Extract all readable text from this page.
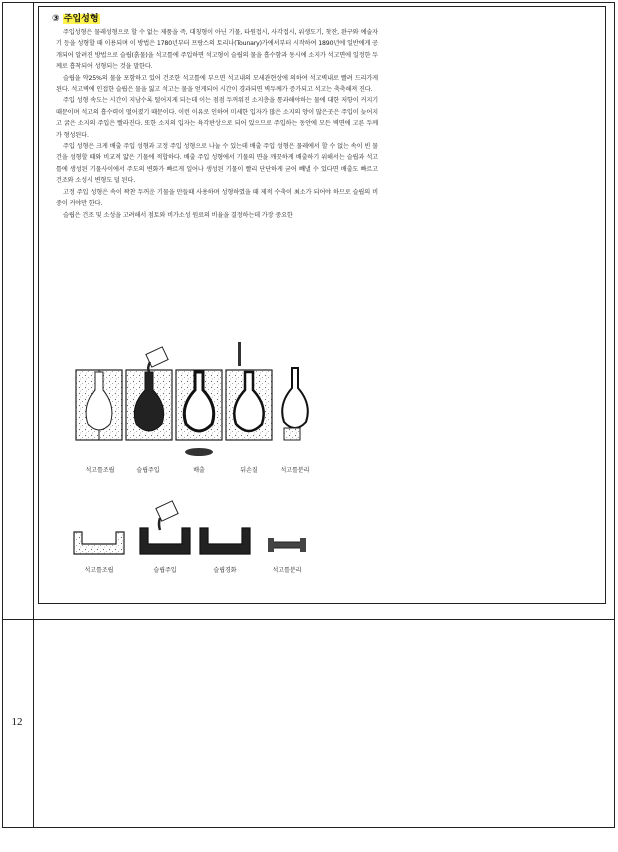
12
③ 주입성형

주입성형은 물레성형으로 할 수 없는 제품을 즉, 대칭형이 아닌 기물, 타원접시, 사각접시, 위생도기, 찻잔, 완구와 예술자기 등을 성형할 때 이용되며 이 방법은 1780년부터 프랑스의 토리나(Tounary)가에서부터 시작하여 1890년에 일반에게 공개되어 알려진 방법으로 슬립(흙물)을 석고틀에 주입하면 석고형이 슬립의 물을 흡수함과 동시에 소지가 석고면에 일정한 두께로 흡착되어 성형되는 것을 말한다.

슬립을 약25%의 물을 포함하고 있어 건조한 석고틀에 부으면 석고내의 모세관현상에 의하여 석고벽내로 빨려 드리가게 된다. 석고벽에 인접한 슬립은 물을 잃고 석고는 물을 얻게되어 시간이 경과되면 벽두께가 증가되고 석고는 축축해져 진다.

주입 성형 속도는 시간이 지남수록 떨어지게 되는데 이는 점점 두꺼워진 소지층을 통과해야하는 물에 대한 저항이 커지기 때문이며 석고의 흡수력이 떨어졌기 때문이다. 이런 이유로 인하여 미세한 입자가 많은 소지의 양이 많은곳은 주입이 늦어지고 굵은 소지의 주입은 빨라진다. 또한 소지의 입자는 육각판상으로 되어 있으므로 주입하는 동안에 모든 벽면에 고른 두께가 형성된다.

주입 성형은 크게 배출 주입 성형과 고정 주입 성형으로 나눌 수 있는데 배출 주입 성형은 물레에서 할 수 없는 속이 빈 물건을 성형할 때와 비교적 얇은 기물에 적합하다. 배출 주입 성형에서 기물의 면을 깨끗하게 배출하기 위해서는 슬립과 석고틀에 생성된 기물사이에서 주도의 변화가 빠르게 일어나 생성된 기물이 빨리 단단하게 굳어 빼낼 수 있다면 배출도 빠르고 건조와 소성시 변형도 덜 된다.

고정 주입 성형은 속이 꽉찬 두꺼운 기물을 만들때 사용하며 성형하였을 때 제적 수축이 최소가 되어야 하므로 슬립의 비중이 커야만 한다.

슬립은 건조 및 소성을 고려해서 점토와 비가소성 원료의 비율을 결정하는데 가장 중요한

석고틀조립	슬립주입	배출	뒤손질	석고틀분리
석고틀조립	슬립주입	슬립경화	석고틀분리
